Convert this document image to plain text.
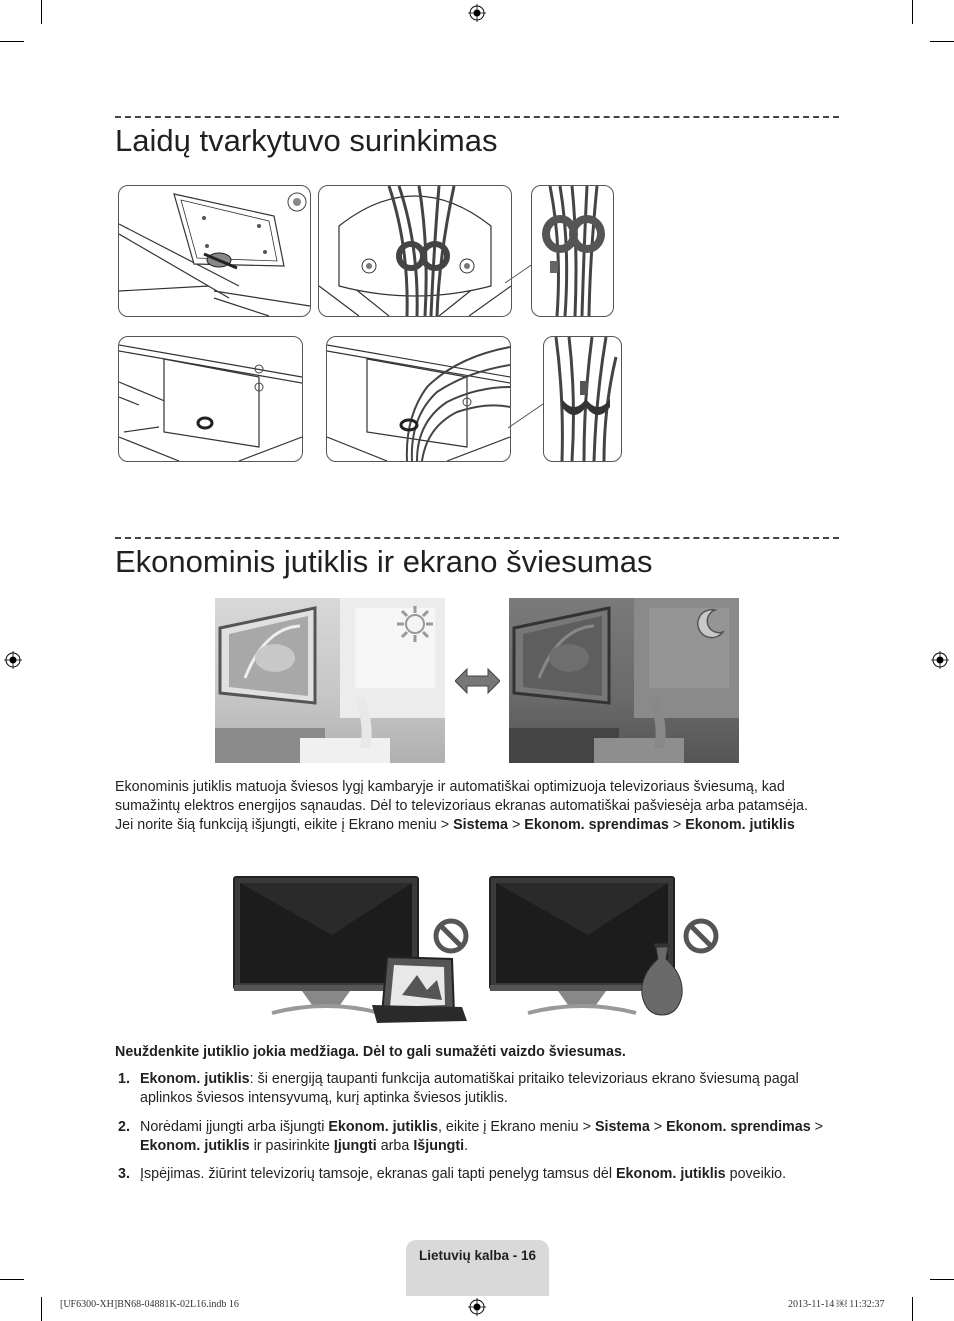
Laidų tvarkytuvo surinkimas
Ekonominis jutiklis ir ekrano šviesumas
Ekonominis jutiklis matuoja šviesos lygį kambaryje ir automatiškai optimizuoja televizoriaus šviesumą, kad sumažintų elektros energijos sąnaudas. Dėl to televizoriaus ekranas automatiškai pašviesėja arba patamsėja. Jei norite šią funkciją išjungti, eikite į Ekrano meniu > Sistema > Ekonom. sprendimas > Ekonom. jutiklis
Neuždenkite jutiklio jokia medžiaga. Dėl to gali sumažėti vaizdo šviesumas.
1. Ekonom. jutiklis: ši energiją taupanti funkcija automatiškai pritaiko televizoriaus ekrano šviesumą pagal aplinkos šviesos intensyvumą, kurį aptinka šviesos jutiklis.
2. Norėdami įjungti arba išjungti Ekonom. jutiklis, eikite į Ekrano meniu > Sistema > Ekonom. sprendimas > Ekonom. jutiklis ir pasirinkite Įjungti arba Išjungti.
3. Įspėjimas. žiūrint televizorių tamsoje, ekranas gali tapti penelyg tamsus dėl Ekonom. jutiklis poveikio.
Lietuvių kalba - 16
[UF6300-XH]BN68-04881K-02L16.indb 16	2013-11-14 ￼ 11:32:37
